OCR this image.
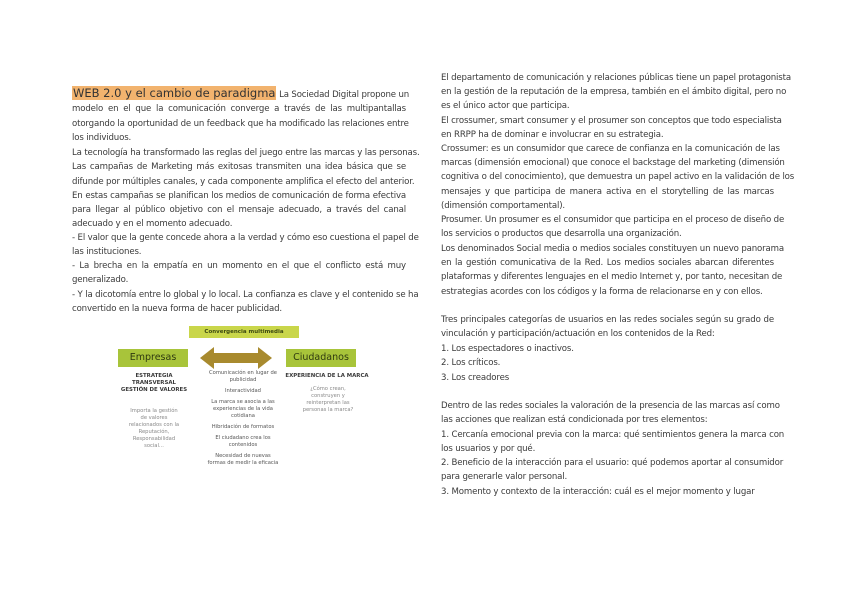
WEB 2.0 y el cambio de paradigma La Sociedad Digital propone un
modelo en el que la comunicación converge a través de las multipantallas
otorgando la oportunidad de un feedback que ha modificado las relaciones entre
los individuos.
La tecnología ha transformado las reglas del juego entre las marcas y las personas.
Las campañas de Marketing más exitosas transmiten una idea básica que se
difunde por múltiples canales, y cada componente amplifica el efecto del anterior.
En estas campañas se planifican los medios de comunicación de forma efectiva
para llegar al público objetivo con el mensaje adecuado, a través del canal
adecuado y en el momento adecuado.
- El valor que la gente concede ahora a la verdad y cómo eso cuestiona el papel de
las instituciones.
- La brecha en la empatía en un momento en el que el conflicto está muy
generalizado.
- Y la dicotomía entre lo global y lo local. La confianza es clave y el contenido se ha
convertido en la nueva forma de hacer publicidad.
Convergencia multimedia
Empresas	Ciudadanos
ESTRATEGIA
TRANSVERSAL
GESTIÓN DE VALORES
Importa la gestión
de valores
relacionados con la
Reputación,
Responsabilidad
social...
Comunicación en lugar de
publicidad
Interactividad
La marca se asocia a las
experiencias de la vida
cotidiana
Hibridación de formatos
El ciudadano crea los
contenidos
Necesidad de nuevas
formas de medir la eficacia
EXPERIENCIA DE LA MARCA
¿Cómo crean,
construyen y
reinterpretan las
personas la marca?
El departamento de comunicación y relaciones públicas tiene un papel protagonista
en la gestión de la reputación de la empresa, también en el ámbito digital, pero no
es el único actor que participa.
El crossumer, smart consumer y el prosumer son conceptos que todo especialista
en RRPP ha de dominar e involucrar en su estrategia.
Crossumer: es un consumidor que carece de confianza en la comunicación de las
marcas (dimensión emocional) que conoce el backstage del marketing (dimensión
cognitiva o del conocimiento), que demuestra un papel activo en la validación de los
mensajes y que participa de manera activa en el storytelling de las marcas
(dimensión comportamental).
Prosumer. Un prosumer es el consumidor que participa en el proceso de diseño de
los servicios o productos que desarrolla una organización.
Los denominados Social media o medios sociales constituyen un nuevo panorama
en la gestión comunicativa de la Red. Los medios sociales abarcan diferentes
plataformas y diferentes lenguajes en el medio Internet y, por tanto, necesitan de
estrategias acordes con los códigos y la forma de relacionarse en y con ellos.
Tres principales categorías de usuarios en las redes sociales según su grado de
vinculación y participación/actuación en los contenidos de la Red:
1. Los espectadores o inactivos.
2. Los críticos.
3. Los creadores
Dentro de las redes sociales la valoración de la presencia de las marcas así como
las acciones que realizan está condicionada por tres elementos:
1. Cercanía emocional previa con la marca: qué sentimientos genera la marca con
los usuarios y por qué.
2. Beneficio de la interacción para el usuario: qué podemos aportar al consumidor
para generarle valor personal.
3. Momento y contexto de la interacción: cuál es el mejor momento y lugar
